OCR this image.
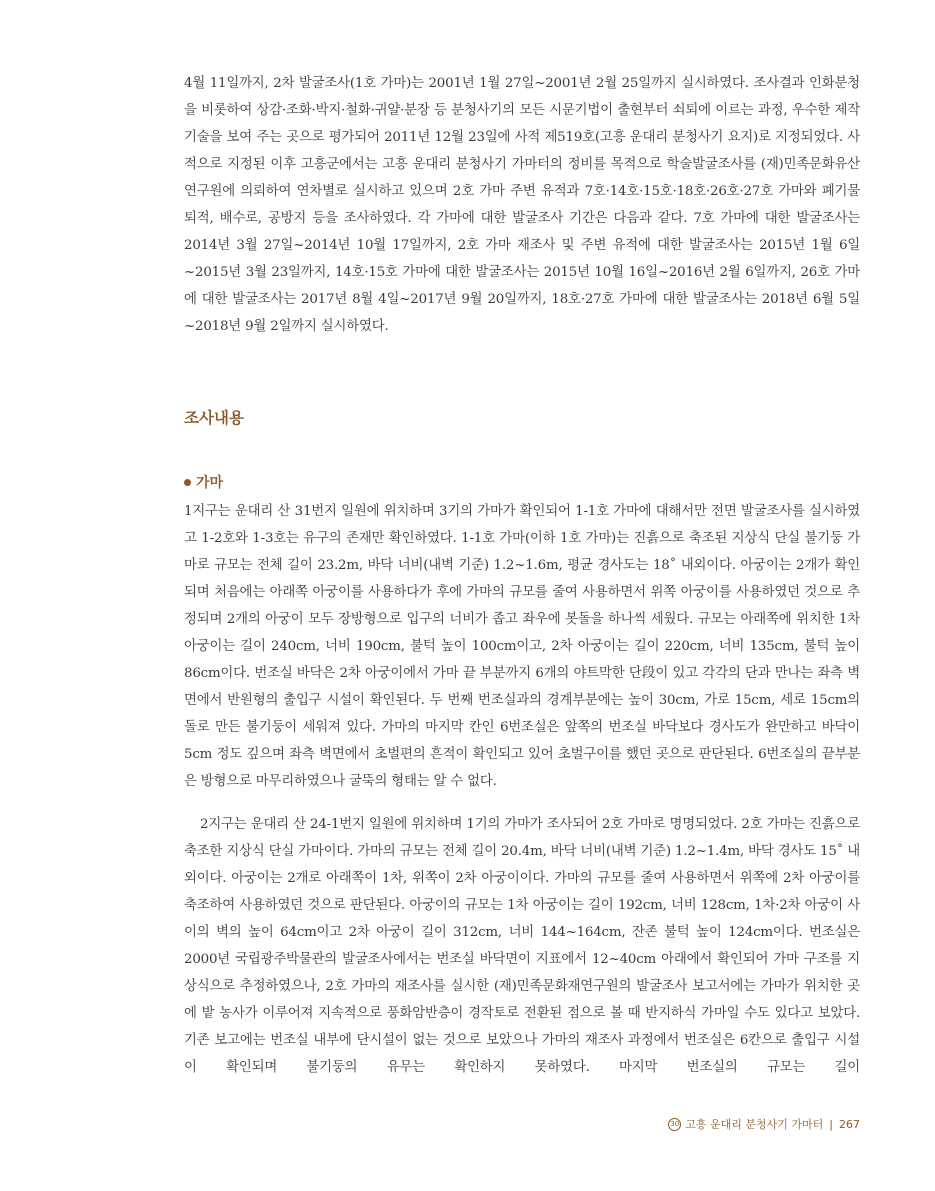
4월 11일까지, 2차 발굴조사(1호 가마)는 2001년 1월 27일~2001년 2월 25일까지 실시하였다. 조사결과 인화분청을 비롯하여 상감·조화·박지·철화·귀얄·분장 등 분청사기의 모든 시문기법이 출현부터 쇠퇴에 이르는 과정, 우수한 제작 기술을 보여 주는 곳으로 평가되어 2011년 12월 23일에 사적 제519호(고흥 운대리 분청사기 요지)로 지정되었다. 사적으로 지정된 이후 고흥군에서는 고흥 운대리 분청사기 가마터의 정비를 목적으로 학술발굴조사를 (재)민족문화유산연구원에 의뢰하여 연차별로 실시하고 있으며 2호 가마 주변 유적과 7호·14호·15호·18호·26호·27호 가마와 폐기물 퇴적, 배수로, 공방지 등을 조사하였다. 각 가마에 대한 발굴조사 기간은 다음과 같다. 7호 가마에 대한 발굴조사는 2014년 3월 27일~2014년 10월 17일까지, 2호 가마 재조사 및 주변 유적에 대한 발굴조사는 2015년 1월 6일~2015년 3월 23일까지, 14호·15호 가마에 대한 발굴조사는 2015년 10월 16일~2016년 2월 6일까지, 26호 가마에 대한 발굴조사는 2017년 8월 4일~2017년 9월 20일까지, 18호·27호 가마에 대한 발굴조사는 2018년 6월 5일~2018년 9월 2일까지 실시하였다.

조사내용
가마

1지구는 운대리 산 31번지 일원에 위치하며 3기의 가마가 확인되어 1-1호 가마에 대해서만 전면 발굴조사를 실시하였고 1-2호와 1-3호는 유구의 존재만 확인하였다. 1-1호 가마(이하 1호 가마)는 진흙으로 축조된 지상식 단실 불기둥 가마로 규모는 전체 길이 23.2m, 바닥 너비(내벽 기준) 1.2~1.6m, 평균 경사도는 18˚ 내외이다. 아궁이는 2개가 확인되며 처음에는 아래쪽 아궁이를 사용하다가 후에 가마의 규모를 줄여 사용하면서 위쪽 아궁이를 사용하였던 것으로 추정되며 2개의 아궁이 모두 장방형으로 입구의 너비가 좁고 좌우에 봇돌을 하나씩 세웠다. 규모는 아래쪽에 위치한 1차 아궁이는 길이 240cm, 너비 190cm, 불턱 높이 100cm이고, 2차 아궁이는 길이 220cm, 너비 135cm, 불턱 높이 86cm이다. 번조실 바닥은 2차 아궁이에서 가마 끝 부분까지 6개의 야트막한 단段이 있고 각각의 단과 만나는 좌측 벽면에서 반원형의 출입구 시설이 확인된다. 두 번째 번조실과의 경계부분에는 높이 30cm, 가로 15cm, 세로 15cm의 돌로 만든 불기둥이 세워져 있다. 가마의 마지막 칸인 6번조실은 앞쪽의 번조실 바닥보다 경사도가 완만하고 바닥이 5cm 정도 깊으며 좌측 벽면에서 초벌편의 흔적이 확인되고 있어 초벌구이를 했던 곳으로 판단된다. 6번조실의 끝부분은 방형으로 마무리하였으나 굴뚝의 형태는 알 수 없다.

2지구는 운대리 산 24-1번지 일원에 위치하며 1기의 가마가 조사되어 2호 가마로 명명되었다. 2호 가마는 진흙으로 축조한 지상식 단실 가마이다. 가마의 규모는 전체 길이 20.4m, 바닥 너비(내벽 기준) 1.2~1.4m, 바닥 경사도 15˚ 내외이다. 아궁이는 2개로 아래쪽이 1차, 위쪽이 2차 아궁이이다. 가마의 규모를 줄여 사용하면서 위쪽에 2차 아궁이를 축조하여 사용하였던 것으로 판단된다. 아궁이의 규모는 1차 아궁이는 길이 192cm, 너비 128cm, 1차·2차 아궁이 사이의 벽의 높이 64cm이고 2차 아궁이 길이 312cm, 너비 144~164cm, 잔존 불턱 높이 124cm이다. 번조실은 2000년 국립광주박물관의 발굴조사에서는 번조실 바닥면이 지표에서 12~40cm 아래에서 확인되어 가마 구조를 지상식으로 추정하였으나, 2호 가마의 재조사를 실시한 (재)민족문화재연구원의 발굴조사 보고서에는 가마가 위치한 곳에 밭 농사가 이루어져 지속적으로 풍화암반층이 경작토로 전환된 점으로 볼 때 반지하식 가마일 수도 있다고 보았다. 기존 보고에는 번조실 내부에 단시설이 없는 것으로 보았으나 가마의 재조사 과정에서 번조실은 6칸으로 출입구 시설이 확인되며 불기둥의 유무는 확인하지 못하였다. 마지막 번조실의 규모는 길이

30 고흥 운대리 분청사기 가마터 | 267
